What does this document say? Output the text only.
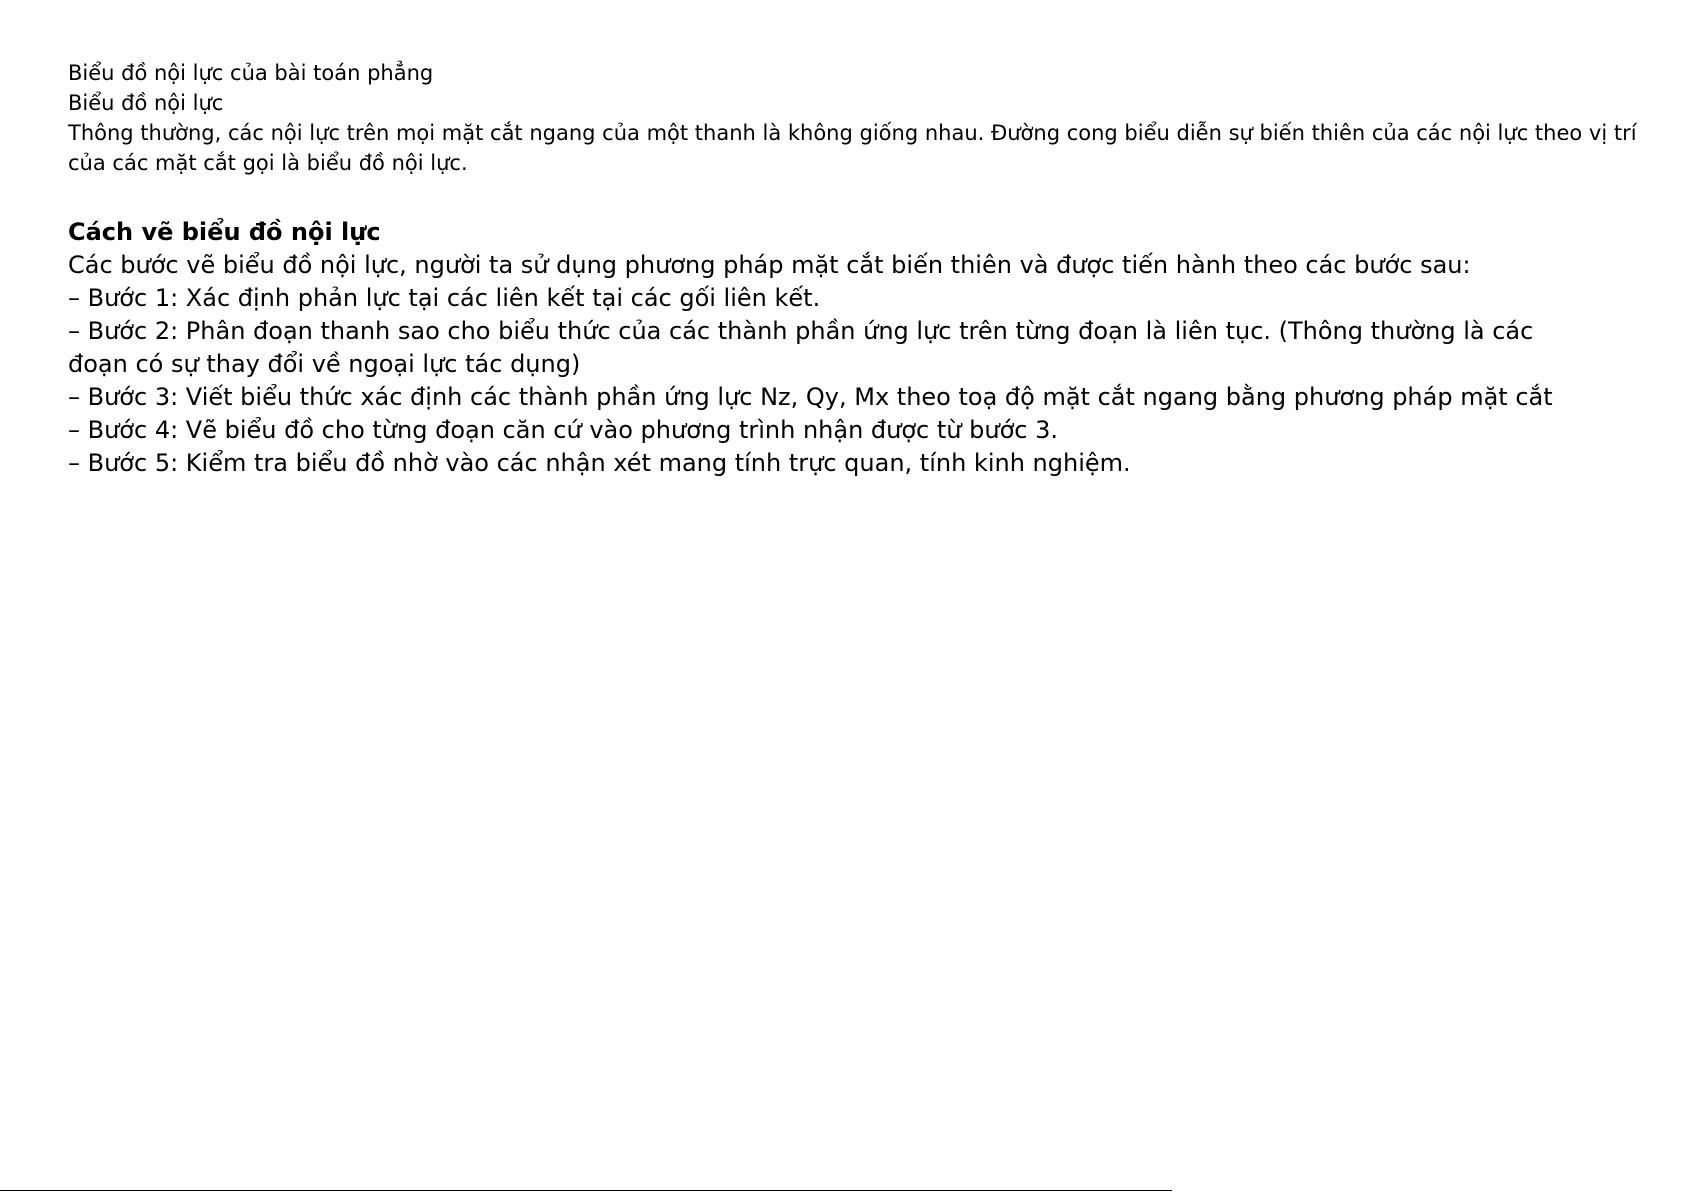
Biểu đồ nội lực của bài toán phẳng

Biểu đồ nội lực

Thông thường, các nội lực trên mọi mặt cắt ngang của một thanh là không giống nhau. Đường cong biểu diễn sự biến thiên của các nội lực theo vị trí của các mặt cắt gọi là biểu đồ nội lực.

Cách vẽ biểu đồ nội lực

Các bước vẽ biểu đồ nội lực, người ta sử dụng phương pháp mặt cắt biến thiên và được tiến hành theo các bước sau:

– Bước 1: Xác định phản lực tại các liên kết tại các gối liên kết.

– Bước 2: Phân đoạn thanh sao cho biểu thức của các thành phần ứng lực trên từng đoạn là liên tục. (Thông thường là các đoạn có sự thay đổi về ngoại lực tác dụng)

– Bước 3: Viết biểu thức xác định các thành phần ứng lực Nz, Qy, Mx theo toạ độ mặt cắt ngang bằng phương pháp mặt cắt

– Bước 4: Vẽ biểu đồ cho từng đoạn căn cứ vào phương trình nhận được từ bước 3.

– Bước 5: Kiểm tra biểu đồ nhờ vào các nhận xét mang tính trực quan, tính kinh nghiệm.
